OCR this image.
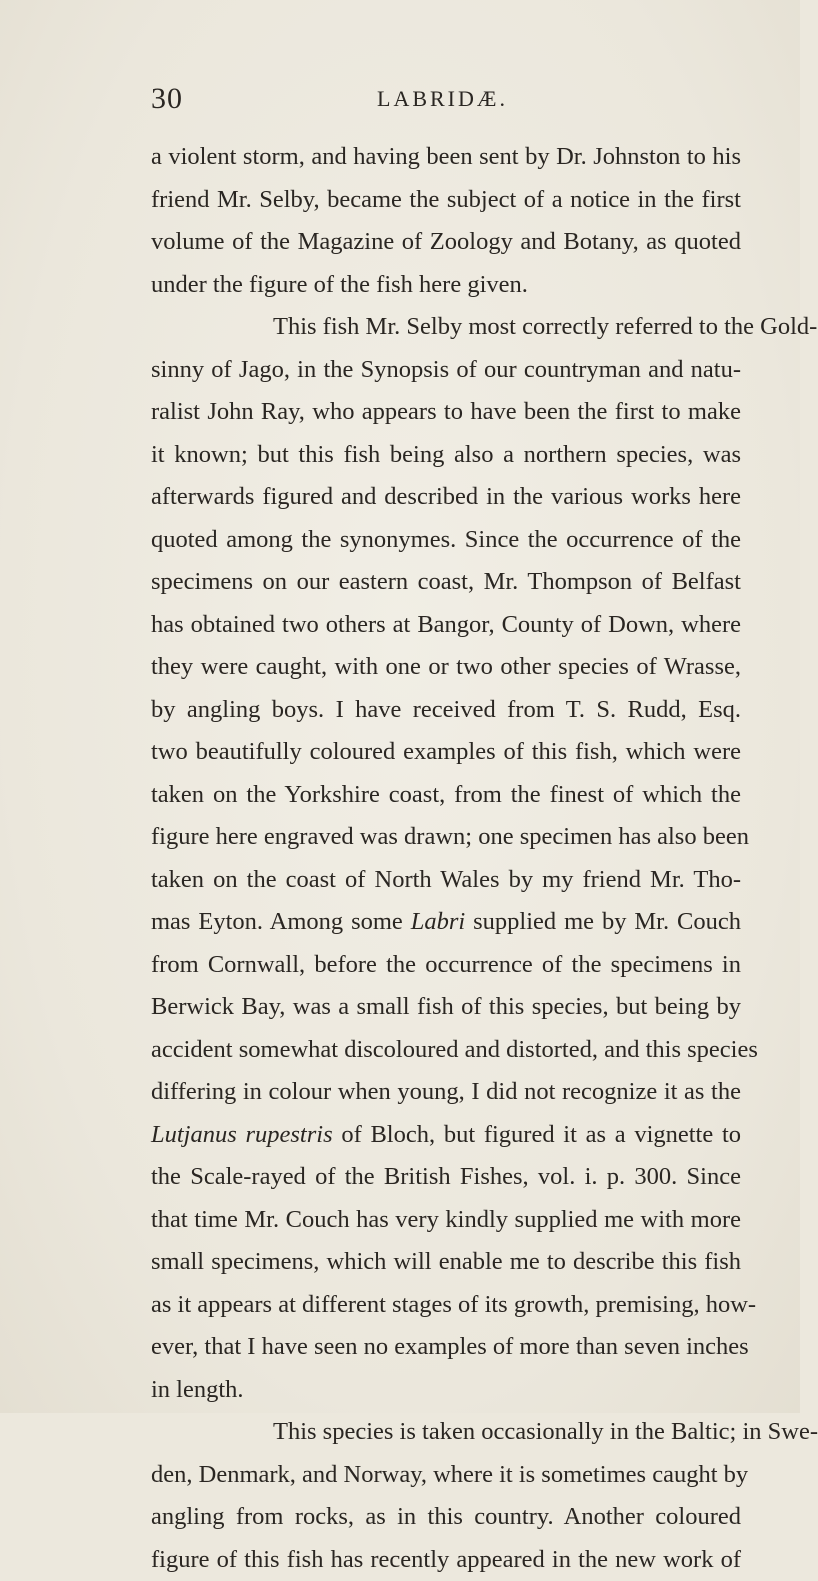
30	LABRIDÆ.
a violent storm, and having been sent by Dr. Johnston to his
friend Mr. Selby, became the subject of a notice in the first
volume of the Magazine of Zoology and Botany, as quoted
under the figure of the fish here given.
This fish Mr. Selby most correctly referred to the Gold-
sinny of Jago, in the Synopsis of our countryman and natu-
ralist John Ray, who appears to have been the first to make
it known; but this fish being also a northern species, was
afterwards figured and described in the various works here
quoted among the synonymes. Since the occurrence of the
specimens on our eastern coast, Mr. Thompson of Belfast
has obtained two others at Bangor, County of Down, where
they were caught, with one or two other species of Wrasse,
by angling boys. I have received from T. S. Rudd, Esq.
two beautifully coloured examples of this fish, which were
taken on the Yorkshire coast, from the finest of which the
figure here engraved was drawn; one specimen has also been
taken on the coast of North Wales by my friend Mr. Tho-
mas Eyton. Among some Labri supplied me by Mr. Couch
from Cornwall, before the occurrence of the specimens in
Berwick Bay, was a small fish of this species, but being by
accident somewhat discoloured and distorted, and this species
differing in colour when young, I did not recognize it as the
Lutjanus rupestris of Bloch, but figured it as a vignette to
the Scale-rayed of the British Fishes, vol. i. p. 300. Since
that time Mr. Couch has very kindly supplied me with more
small specimens, which will enable me to describe this fish
as it appears at different stages of its growth, premising, how-
ever, that I have seen no examples of more than seven inches
in length.
This species is taken occasionally in the Baltic; in Swe-
den, Denmark, and Norway, where it is sometimes caught by
angling from rocks, as in this country. Another coloured
figure of this fish has recently appeared in the new work of
